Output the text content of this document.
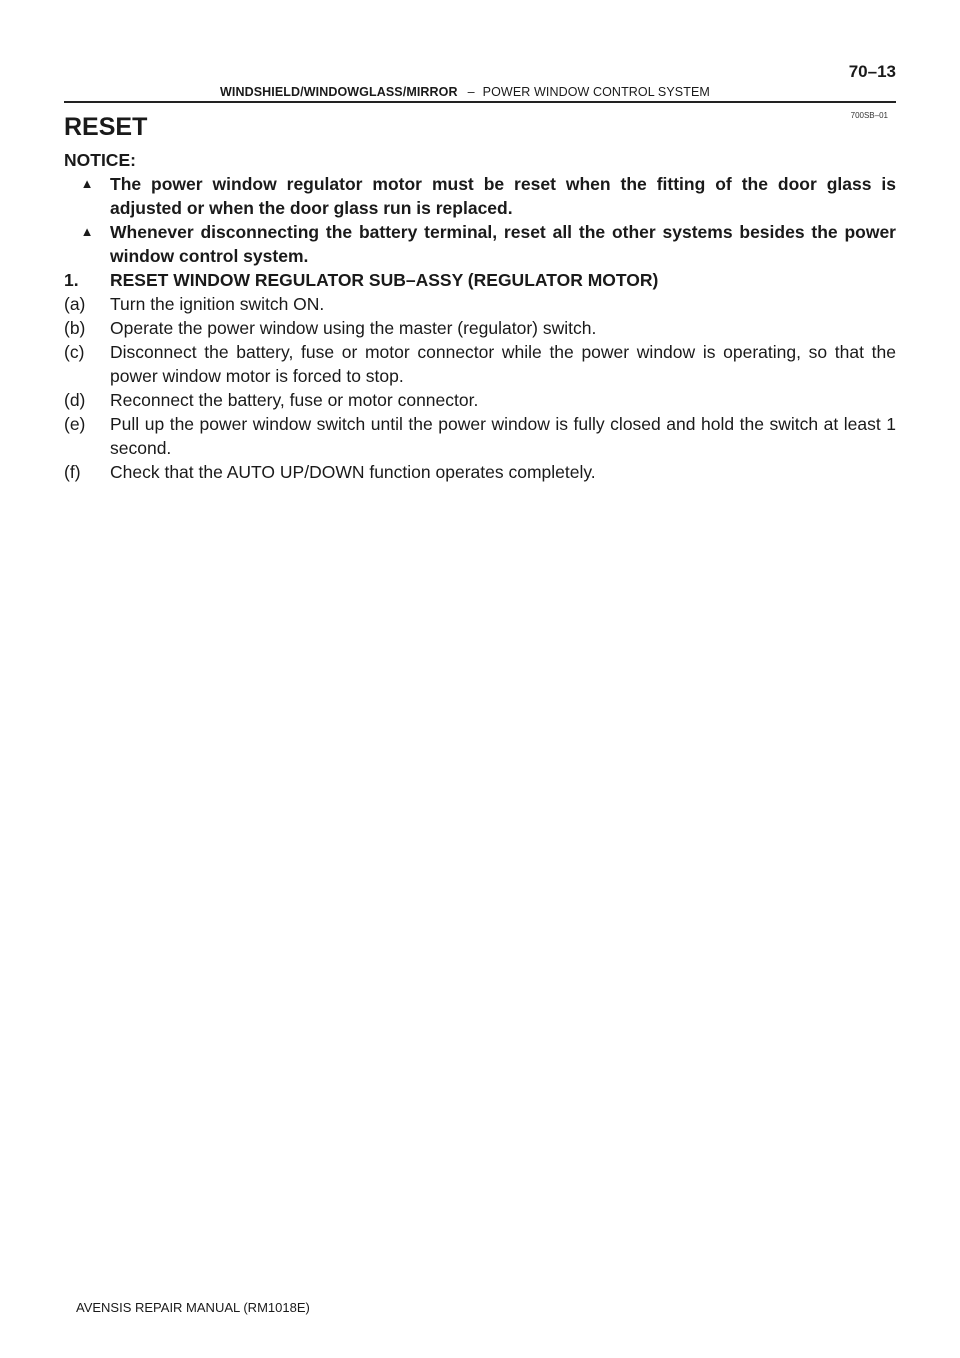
70–13
WINDSHIELD/WINDOWGLASS/MIRROR – POWER WINDOW CONTROL SYSTEM
700SB–01
RESET
NOTICE:
▲ The power window regulator motor must be reset when the fitting of the door glass is adjusted or when the door glass run is replaced.
▲ Whenever disconnecting the battery terminal, reset all the other systems besides the power window control system.
1.	RESET WINDOW REGULATOR SUB–ASSY (REGULATOR MOTOR)
(a)	Turn the ignition switch ON.
(b)	Operate the power window using the master (regulator) switch.
(c)	Disconnect the battery, fuse or motor connector while the power window is operating, so that the power window motor is forced to stop.
(d)	Reconnect the battery, fuse or motor connector.
(e)	Pull up the power window switch until the power window is fully closed and hold the switch at least 1 second.
(f)	Check that the AUTO UP/DOWN function operates completely.
AVENSIS REPAIR MANUAL (RM1018E)
